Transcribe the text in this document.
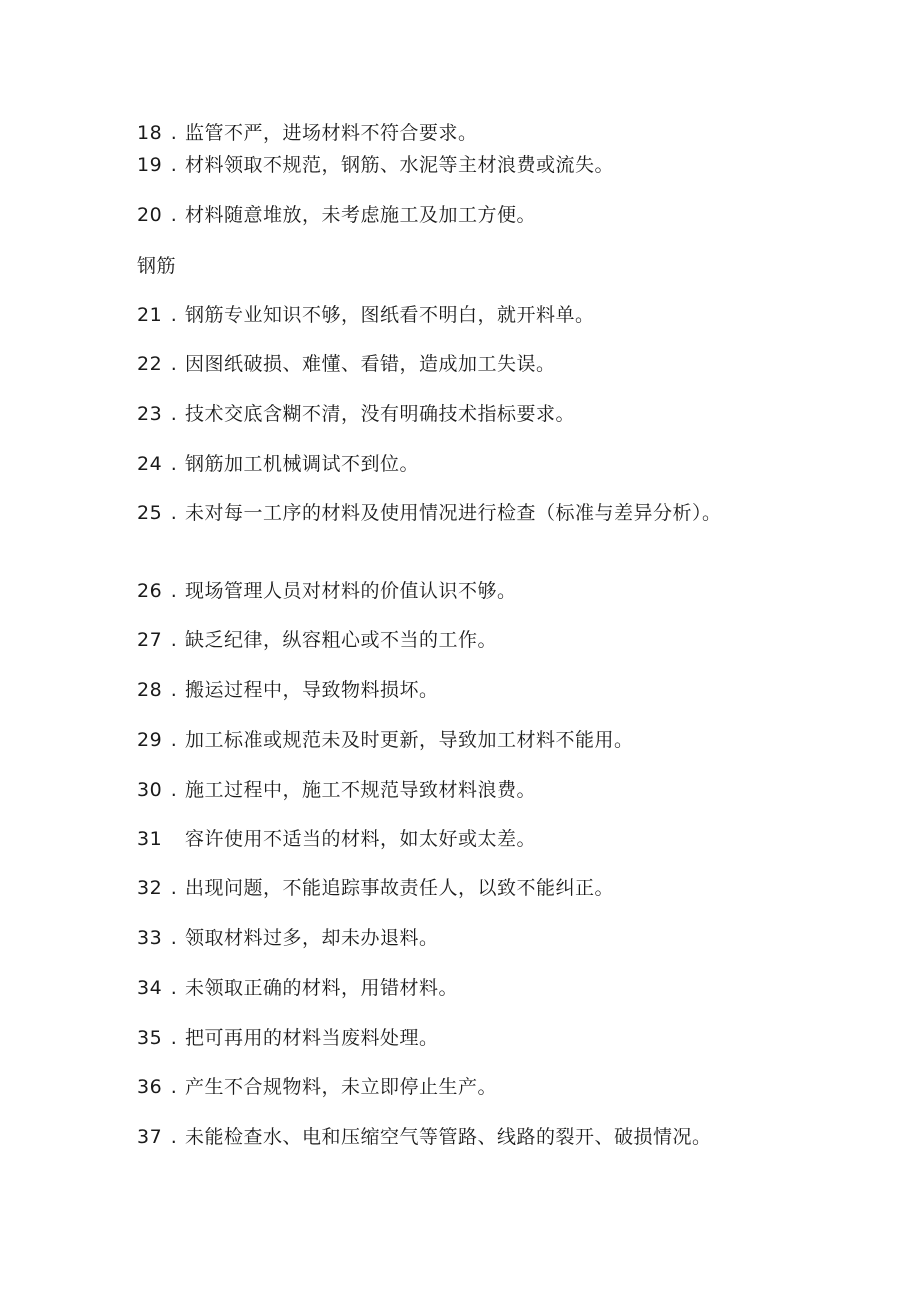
18 . 监管不严，进场材料不符合要求。
19 . 材料领取不规范，钢筋、水泥等主材浪费或流失。
20 . 材料随意堆放，未考虑施工及加工方便。
钢筋
21 . 钢筋专业知识不够，图纸看不明白，就开料单。
22 . 因图纸破损、难懂、看错，造成加工失误。
23 . 技术交底含糊不清，没有明确技术指标要求。
24 . 钢筋加工机械调试不到位。
25 . 未对每一工序的材料及使用情况进行检查（标准与差异分析）。
26 . 现场管理人员对材料的价值认识不够。
27 . 缺乏纪律，纵容粗心或不当的工作。
28 . 搬运过程中，导致物料损坏。
29 . 加工标准或规范未及时更新，导致加工材料不能用。
30 . 施工过程中，施工不规范导致材料浪费。
31 容许使用不适当的材料，如太好或太差。
32 . 出现问题，不能追踪事故责任人，以致不能纠正。
33 . 领取材料过多，却未办退料。
34 . 未领取正确的材料，用错材料。
35 . 把可再用的材料当废料处理。
36 . 产生不合规物料，未立即停止生产。
37 . 未能检查水、电和压缩空气等管路、线路的裂开、破损情况。
